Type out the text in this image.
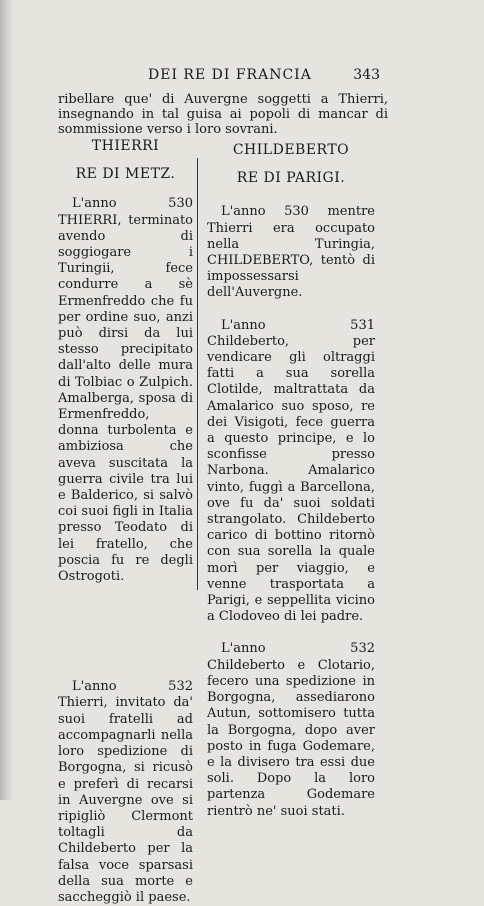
DEI RE DI FRANCIA	343
ribellare que' di Auvergne soggetti a Thierri, insegnando in tal guisa ai popoli di mancar di sommissione verso i loro sovrani.
THIERRI
RE DI METZ.

L'anno 530 THIERRI, terminato avendo di soggiogare i Turingii, fece condurre a sè Ermenfreddo che fu per ordine suo, anzi può dirsi da lui stesso precipitato dall'alto delle mura di Tolbiac o Zulpich. Amalberga, sposa di Ermenfreddo, donna turbolenta e ambiziosa che aveva suscitata la guerra civile tra lui e Balderico, si salvò coi suoi figli in Italia presso Teodato di lei fratello, che poscia fu re degli Ostrogoti.

L'anno 532 Thierri, invitato da' suoi fratelli ad accompagnarli nella loro spedizione di Borgogna, si ricusò e preferì di recarsi in Auvergne ove si ripigliò Clermont toltagli da Childeberto per la falsa voce sparsasi della sua morte e saccheggiò il paese.

CHILDEBERTO
RE DI PARIGI.

L'anno 530 mentre Thierri era occupato nella Turingia, CHILDEBERTO, tentò di impossessarsi dell'Auvergne.

L'anno 531 Childeberto, per vendicare gli oltraggi fatti a sua sorella Clotilde, maltrattata da Amalarico suo sposo, re dei Visigoti, fece guerra a questo principe, e lo sconfisse presso Narbona. Amalarico vinto, fuggì a Barcellona, ove fu da' suoi soldati strangolato. Childeberto carico di bottino ritornò con sua sorella la quale morì per viaggio, e venne trasportata a Parigi, e seppellita vicino a Clodoveo di lei padre.

L'anno 532 Childeberto e Clotario, fecero una spedizione in Borgogna, assediarono Autun, sottomisero tutta la Borgogna, dopo aver posto in fuga Godemare, e la divisero tra essi due soli. Dopo la loro partenza Godemare rientrò ne' suoi stati.
